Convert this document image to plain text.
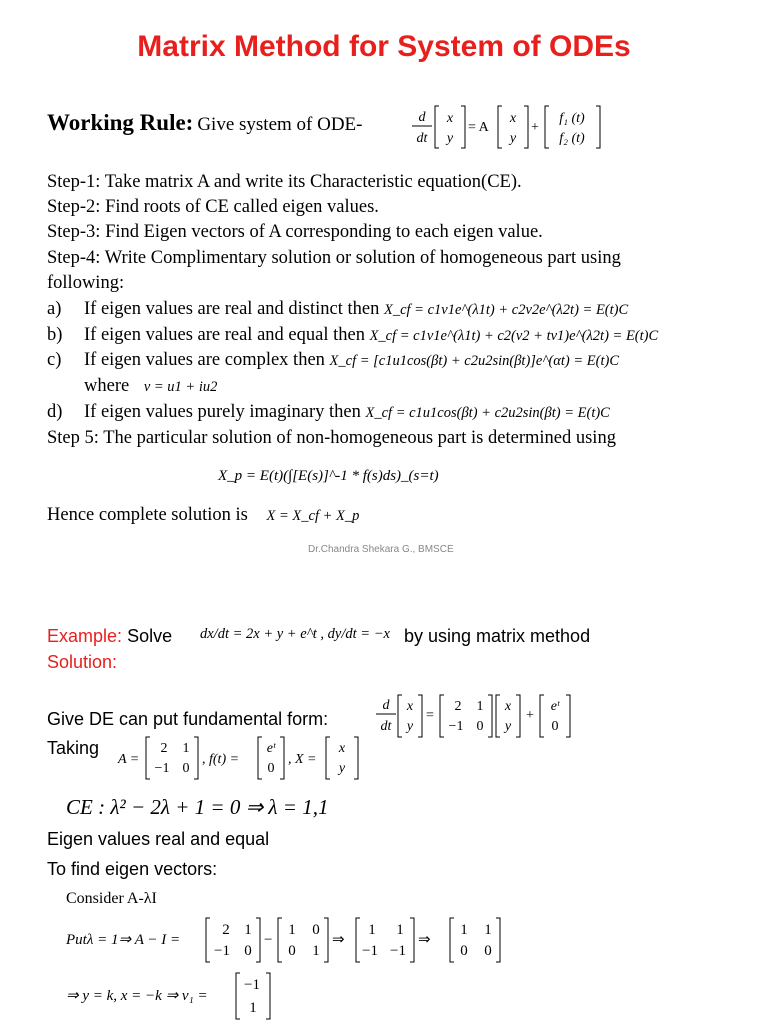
Matrix Method for System of ODEs
Working Rule: Give system of ODE-	d
dt
x
y
= A
x
y
+
f₁ (t)
f₂ (t)
Step-1: Take matrix A and write its Characteristic equation(CE).
Step-2: Find roots of CE called eigen values.
Step-3: Find Eigen vectors of A corresponding to each eigen value.
Step-4: Write Complimentary solution or solution of homogeneous part using
following:
a) If eigen values are real and distinct then X_cf = c1v1e^(λ1t) + c2v2e^(λ2t) = E(t)C
b) If eigen values are real and equal then X_cf = c1v1e^(λ1t) + c2(v2 + tv1)e^(λ2t) = E(t)C
c) If eigen values are complex then X_cf = [c1u1cos(βt) + c2u2sin(βt)]e^(αt) = E(t)C
where v = u1 + iu2
d) If eigen values purely imaginary then X_cf = c1u1cos(βt) + c2u2sin(βt) = E(t)C
Step 5: The particular solution of non-homogeneous part is determined using
X_p = E(t)(∫[E(s)]^-1 * f(s)ds)_(s=t)
Hence complete solution is X = X_cf + X_p
Dr.Chandra Shekara G., BMSCE
Example: Solve dx/dt = 2x + y + e^t , dy/dt = −x by using matrix method
Solution:
Give DE can put fundamental form:
d
dt
x
y
=
2 1
−1 0
x
y
+
eᵗ
0
Taking
A =
2 1
−1 0
, f(t) =
eᵗ
0
, X =
x
y
CE : λ² − 2λ + 1 = 0 ⇒ λ = 1,1
Eigen values real and equal
To find eigen vectors:
Consider A-λI
Putλ = 1⇒ A − I =
2 1
−1 0
−
1 0
0 1
⇒
1 1
−1 −1
⇒
1 1
0 0
⇒ y = k, x = −k ⇒ v₁ =
−1
1
